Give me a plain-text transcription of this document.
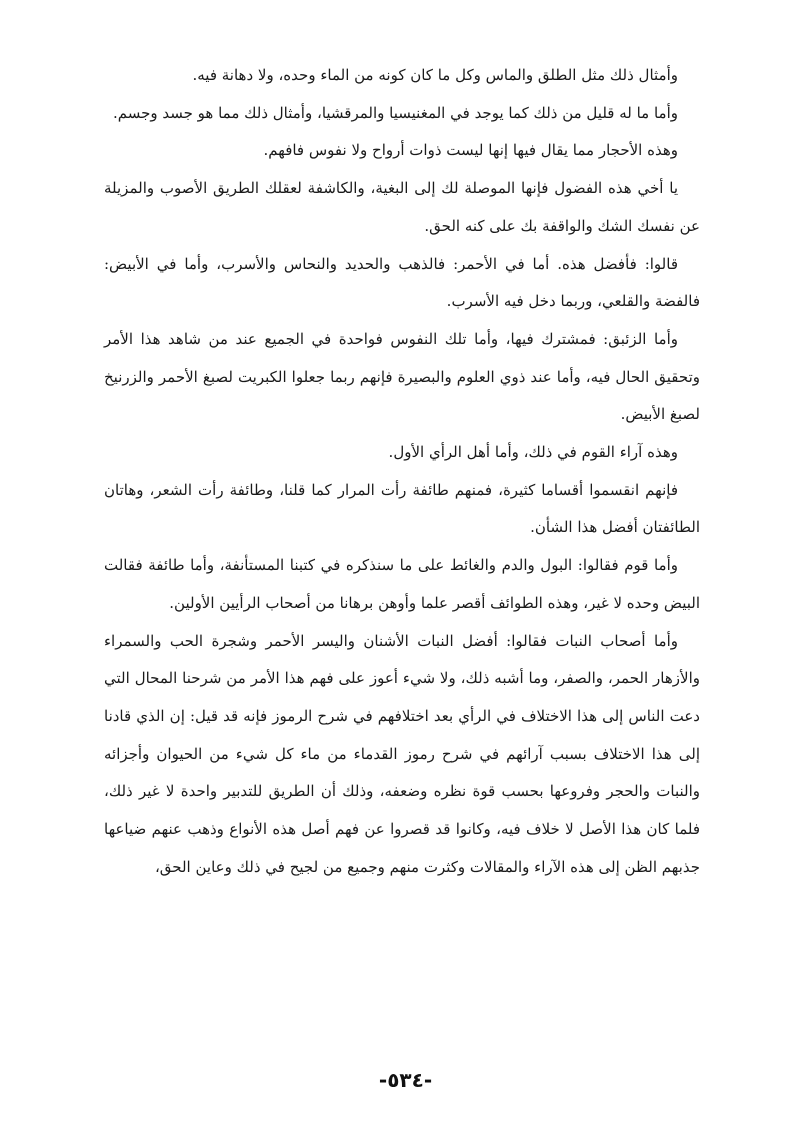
وأمثال ذلك مثل الطلق والماس وكل ما كان كونه من الماء وحده، ولا دهانة فيه.

وأما ما له قليل من ذلك كما يوجد في المغنيسيا والمرقشيا، وأمثال ذلك مما هو جسد وجسم.

وهذه الأحجار مما يقال فيها إنها ليست ذوات أرواح ولا نفوس فافهم.

يا أخي هذه الفضول فإنها الموصلة لك إلى البغية، والكاشفة لعقلك الطريق الأصوب والمزيلة عن نفسك الشك والواقفة بك على كنه الحق.

قالوا: فأفضل هذه. أما في الأحمر: فالذهب والحديد والنحاس والأسرب، وأما في الأبيض: فالفضة والقلعي، وربما دخل فيه الأسرب.

وأما الزئبق: فمشترك فيها، وأما تلك النفوس فواحدة في الجميع عند من شاهد هذا الأمر وتحقيق الحال فيه، وأما عند ذوي العلوم والبصيرة فإنهم ربما جعلوا الكبريت لصبغ الأحمر والزرنيخ لصبغ الأبيض.

وهذه آراء القوم في ذلك، وأما أهل الرأي الأول.

فإنهم انقسموا أقساما كثيرة، فمنهم طائفة رأت المرار كما قلنا، وطائفة رأت الشعر، وهاتان الطائفتان أفضل هذا الشأن.

وأما قوم فقالوا: البول والدم والغائط على ما سنذكره في كتبنا المستأنفة، وأما طائفة فقالت البيض وحده لا غير، وهذه الطوائف أقصر علما وأوهن برهانا من أصحاب الرأيين الأولين.

وأما أصحاب النبات فقالوا: أفضل النبات الأشنان واليسر الأحمر وشجرة الحب والسمراء والأزهار الحمر، والصفر، وما أشبه ذلك، ولا شيء أعوز على فهم هذا الأمر من شرحنا المحال التي دعت الناس إلى هذا الاختلاف في الرأي بعد اختلافهم في شرح الرموز فإنه قد قيل: إن الذي قادنا إلى هذا الاختلاف بسبب آرائهم في شرح رموز القدماء من ماء كل شيء من الحيوان وأجزائه والنبات والحجر وفروعها بحسب قوة نظره وضعفه، وذلك أن الطريق للتدبير واحدة لا غير ذلك، فلما كان هذا الأصل لا خلاف فيه، وكانوا قد قصروا عن فهم أصل هذه الأنواع وذهب عنهم ضياعها جذبهم الظن إلى هذه الآراء والمقالات وكثرت منهم وجميع من لجيح في ذلك وعاين الحق،

-٥٣٤-
